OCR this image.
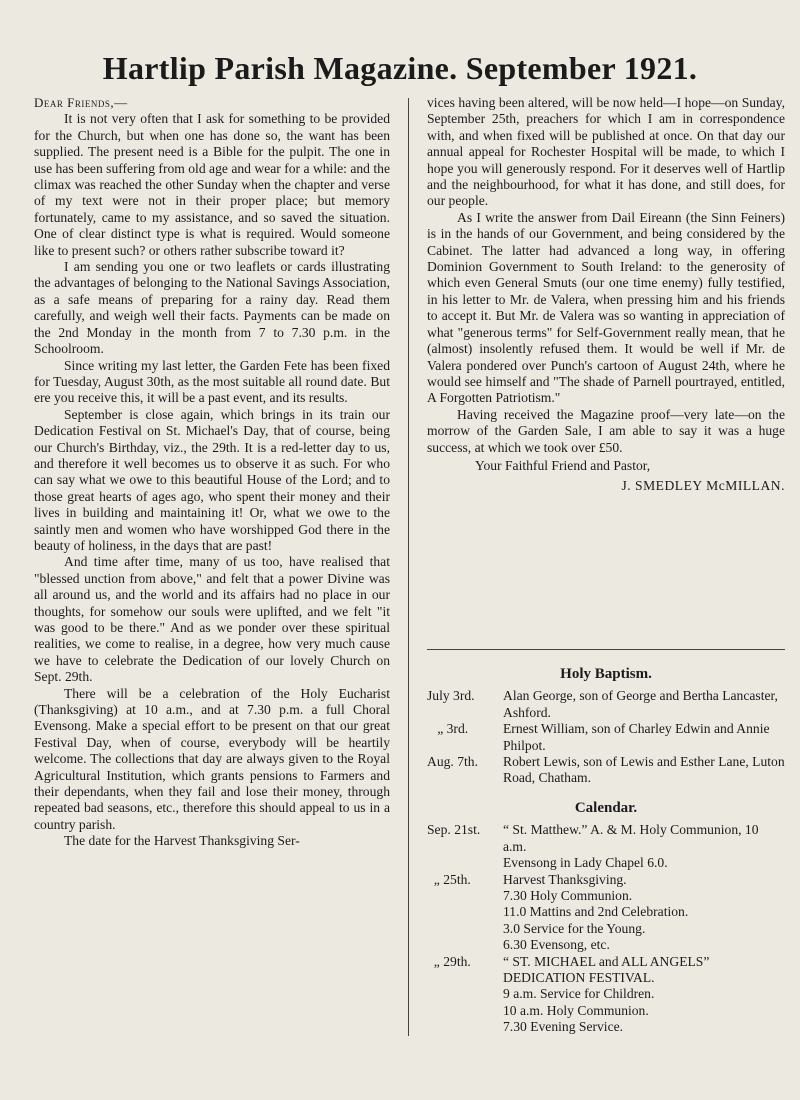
Hartlip Parish Magazine. September 1921.
Dear Friends,—

It is not very often that I ask for something to be provided for the Church, but when one has done so, the want has been supplied. The present need is a Bible for the pulpit. The one in use has been suffering from old age and wear for a while: and the climax was reached the other Sunday when the chapter and verse of my text were not in their proper place; but memory fortunately, came to my assistance, and so saved the situation. One of clear distinct type is what is required. Would someone like to present such? or others rather subscribe toward it?

I am sending you one or two leaflets or cards illustrating the advantages of belonging to the National Savings Association, as a safe means of preparing for a rainy day. Read them carefully, and weigh well their facts. Payments can be made on the 2nd Monday in the month from 7 to 7.30 p.m. in the Schoolroom.

Since writing my last letter, the Garden Fete has been fixed for Tuesday, August 30th, as the most suitable all round date. But ere you receive this, it will be a past event, and its results.

September is close again, which brings in its train our Dedication Festival on St. Michael's Day, that of course, being our Church's Birthday, viz., the 29th. It is a red-letter day to us, and therefore it well becomes us to observe it as such. For who can say what we owe to this beautiful House of the Lord; and to those great hearts of ages ago, who spent their money and their lives in building and maintaining it! Or, what we owe to the saintly men and women who have worshipped God there in the beauty of holiness, in the days that are past!

And time after time, many of us too, have realised that "blessed unction from above," and felt that a power Divine was all around us, and the world and its affairs had no place in our thoughts, for somehow our souls were uplifted, and we felt "it was good to be there." And as we ponder over these spiritual realities, we come to realise, in a degree, how very much cause we have to celebrate the Dedication of our lovely Church on Sept. 29th.

There will be a celebration of the Holy Eucharist (Thanksgiving) at 10 a.m., and at 7.30 p.m. a full Choral Evensong. Make a special effort to be present on that our great Festival Day, when of course, everybody will be heartily welcome. The collections that day are always given to the Royal Agricultural Institution, which grants pensions to Farmers and their dependants, when they fail and lose their money, through repeated bad seasons, etc., therefore this should appeal to us in a country parish.

The date for the Harvest Thanksgiving Ser-

vices having been altered, will be now held—I hope—on Sunday, September 25th, preachers for which I am in correspondence with, and when fixed will be published at once. On that day our annual appeal for Rochester Hospital will be made, to which I hope you will generously respond. For it deserves well of Hartlip and the neighbourhood, for what it has done, and still does, for our people.

As I write the answer from Dail Eireann (the Sinn Feiners) is in the hands of our Government, and being considered by the Cabinet. The latter had advanced a long way, in offering Dominion Government to South Ireland: to the generosity of which even General Smuts (our one time enemy) fully testified, in his letter to Mr. de Valera, when pressing him and his friends to accept it. But Mr. de Valera was so wanting in appreciation of what "generous terms" for Self-Government really mean, that he (almost) insolently refused them. It would be well if Mr. de Valera pondered over Punch's cartoon of August 24th, where he would see himself and "The shade of Parnell pourtrayed, entitled, A Forgotten Patriotism."

Having received the Magazine proof—very late—on the morrow of the Garden Sale, I am able to say it was a huge success, at which we took over £50.

Your Faithful Friend and Pastor,

J. SMEDLEY McMILLAN.
Holy Baptism.
July 3rd.	Alan George, son of George and Bertha Lancaster, Ashford.
„ 3rd.	Ernest William, son of Charley Edwin and Annie Philpot.
Aug. 7th.	Robert Lewis, son of Lewis and Esther Lane, Luton Road, Chatham.
Calendar.
Sep. 21st.	“ St. Matthew.” A. & M. Holy Communion, 10 a.m.
Evensong in Lady Chapel 6.0.
„ 25th.	Harvest Thanksgiving.
7.30 Holy Communion.
11.0 Mattins and 2nd Celebration.
3.0 Service for the Young.
6.30 Evensong, etc.
„ 29th.	“ ST. MICHAEL and ALL ANGELS” DEDICATION FESTIVAL.
9 a.m. Service for Children.
10 a.m. Holy Communion.
7.30 Evening Service.
